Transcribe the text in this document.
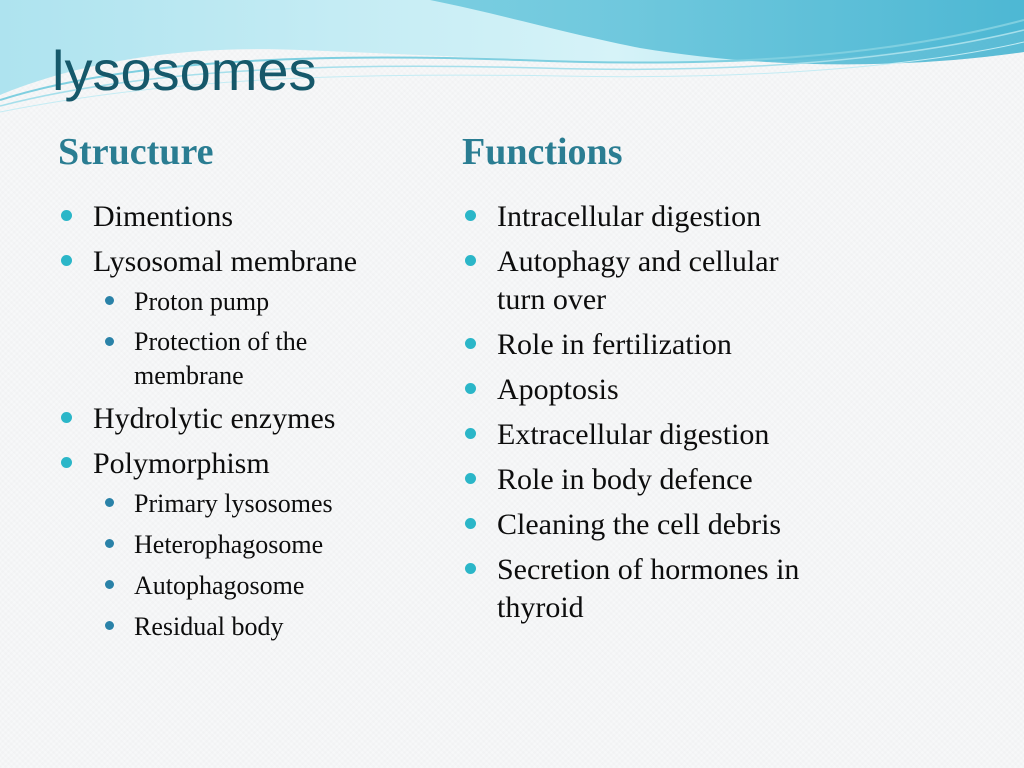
lysosomes
Structure
Dimentions
Lysosomal membrane
Proton pump
Protection of the membrane
Hydrolytic enzymes
Polymorphism
Primary lysosomes
Heterophagosome
Autophagosome
Residual body
Functions
Intracellular digestion
Autophagy and cellular turn over
Role in fertilization
Apoptosis
Extracellular digestion
Role in body defence
Cleaning the cell debris
Secretion of hormones in thyroid
